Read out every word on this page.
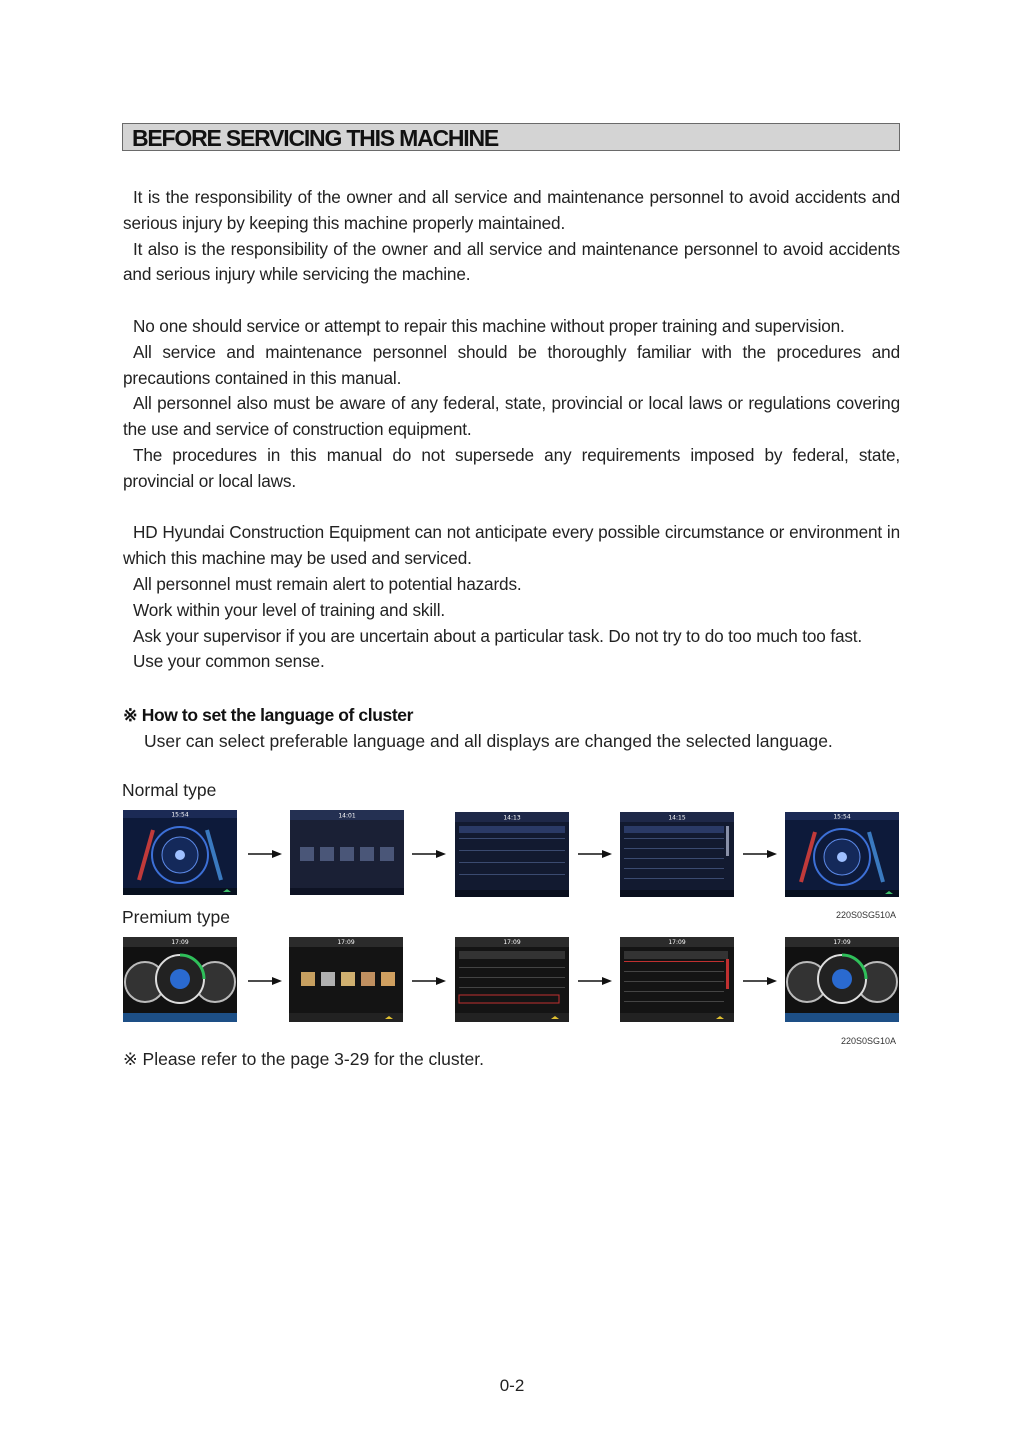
BEFORE SERVICING THIS MACHINE

It is the responsibility of the owner and all service and maintenance personnel to avoid accidents and serious injury by keeping this machine properly maintained.

It also is the responsibility of the owner and all service and maintenance personnel to avoid accidents and serious injury while servicing the machine.

No one should service or attempt to repair this machine without proper training and supervision.

All service and maintenance personnel should be thoroughly familiar with the procedures and precautions contained in this manual.

All personnel also must be aware of any federal, state, provincial or local laws or regulations covering the use and service of construction equipment.

The procedures in this manual do not supersede any requirements imposed by federal, state, provincial or local laws.

HD Hyundai Construction Equipment can not anticipate every possible circumstance or environment in which this machine may be used and serviced.

All personnel must remain alert to potential hazards.

Work within your level of training and skill.

Ask your supervisor if you are uncertain about a particular task. Do not try to do too much too fast.

Use your common sense.

※ How to set the language of cluster
User can select preferable language and all displays are changed the selected language.
Normal type
15:54	14:01	14:13	14:15	15:54
220S0SG510A
Premium type
17:09	17:09	17:09	17:09	17:09
220S0SG10A
※ Please refer to the page 3-29 for the cluster.
0-2
